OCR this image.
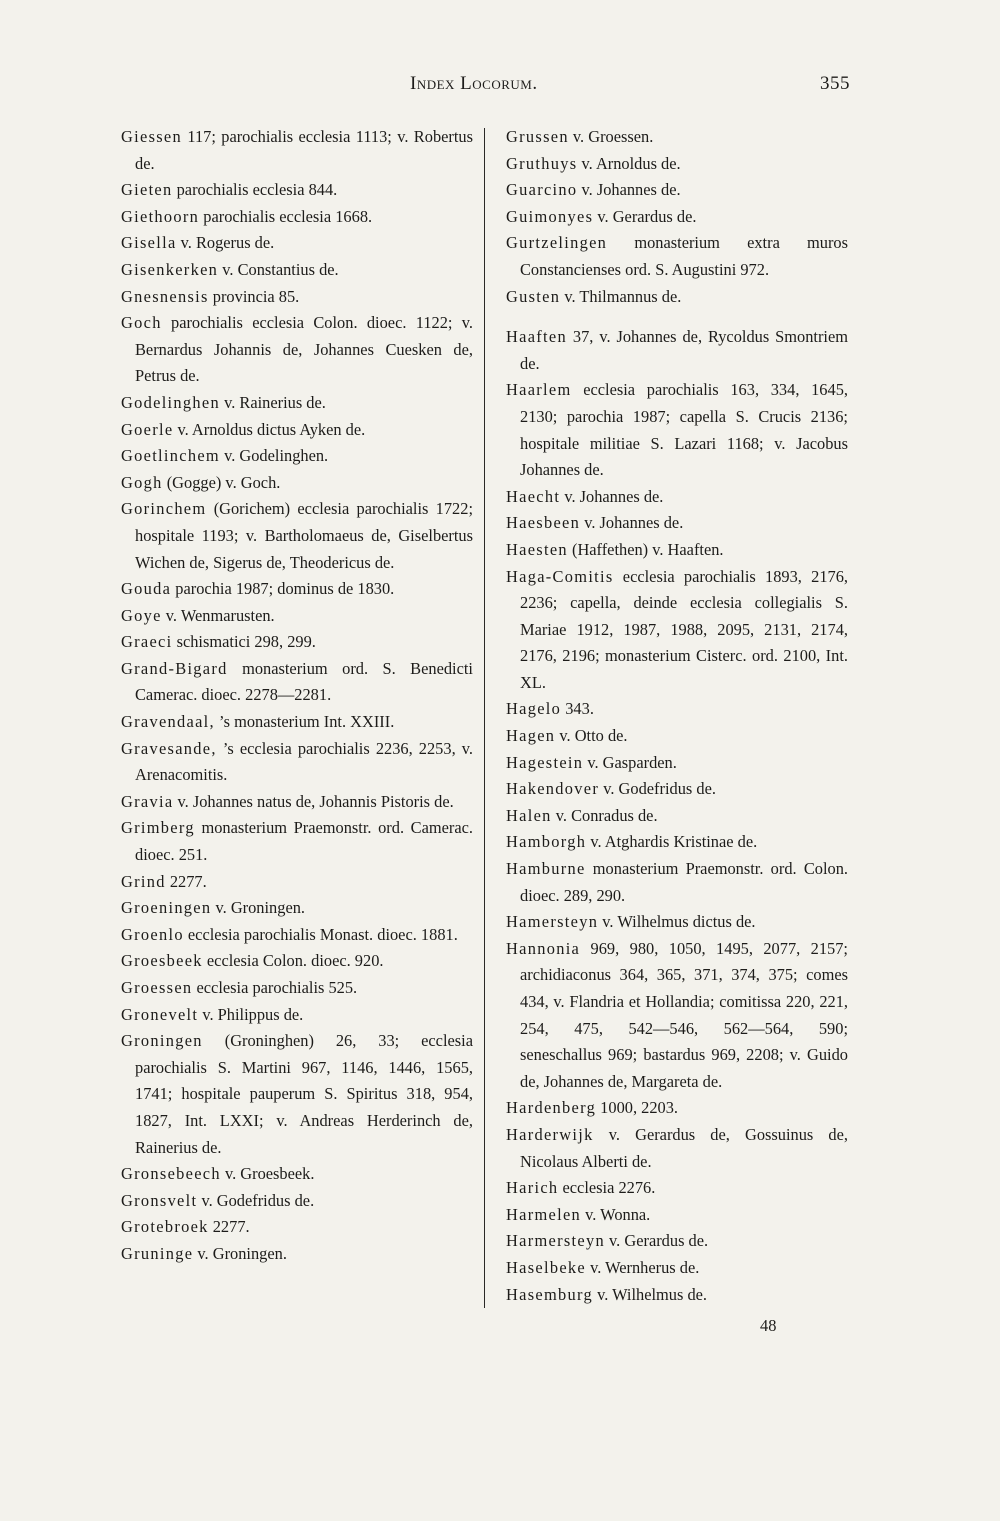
Index Locorum.	355
Giessen 117; parochialis ecclesia 1113; v. Robertus de.
Gieten parochialis ecclesia 844.
Giethoorn parochialis ecclesia 1668.
Gisella v. Rogerus de.
Gisenkerken v. Constantius de.
Gnesnensis provincia 85.
Goch parochialis ecclesia Colon. dioec. 1122; v. Bernardus Johannis de, Johannes Cuesken de, Petrus de.
Godelinghen v. Rainerius de.
Goerle v. Arnoldus dictus Ayken de.
Goetlinchem v. Godelinghen.
Gogh (Gogge) v. Goch.
Gorinchem (Gorichem) ecclesia parochialis 1722; hospitale 1193; v. Bartholomaeus de, Giselbertus Wichen de, Sigerus de, Theodericus de.
Gouda parochia 1987; dominus de 1830.
Goye v. Wenmarusten.
Graeci schismatici 298, 299.
Grand-Bigard monasterium ord. S. Benedicti Camerac. dioec. 2278—2281.
Gravendaal, ’s monasterium Int. XXIII.
Gravesande, ’s ecclesia parochialis 2236, 2253, v. Arenacomitis.
Gravia v. Johannes natus de, Johannis Pistoris de.
Grimberg monasterium Praemonstr. ord. Camerac. dioec. 251.
Grind 2277.
Groeningen v. Groningen.
Groenlo ecclesia parochialis Monast. dioec. 1881.
Groesbeek ecclesia Colon. dioec. 920.
Groessen ecclesia parochialis 525.
Gronevelt v. Philippus de.
Groningen (Groninghen) 26, 33; ecclesia parochialis S. Martini 967, 1146, 1446, 1565, 1741; hospitale pauperum S. Spiritus 318, 954, 1827, Int. LXXI; v. Andreas Herderinch de, Rainerius de.
Gronsebeech v. Groesbeek.
Gronsvelt v. Godefridus de.
Grotebroek 2277.
Gruninge v. Groningen.
Grussen v. Groessen.
Gruthuys v. Arnoldus de.
Guarcino v. Johannes de.
Guimonyes v. Gerardus de.
Gurtzelingen monasterium extra muros Constancienses ord. S. Augustini 972.
Gusten v. Thilmannus de.
Haaften 37, v. Johannes de, Rycoldus Smontriem de.
Haarlem ecclesia parochialis 163, 334, 1645, 2130; parochia 1987; capella S. Crucis 2136; hospitale militiae S. Lazari 1168; v. Jacobus Johannes de.
Haecht v. Johannes de.
Haesbeen v. Johannes de.
Haesten (Haffethen) v. Haaften.
Haga-Comitis ecclesia parochialis 1893, 2176, 2236; capella, deinde ecclesia collegialis S. Mariae 1912, 1987, 1988, 2095, 2131, 2174, 2176, 2196; monasterium Cisterc. ord. 2100, Int. XL.
Hagelo 343.
Hagen v. Otto de.
Hagestein v. Gasparden.
Hakendover v. Godefridus de.
Halen v. Conradus de.
Hamborgh v. Atghardis Kristinae de.
Hamburne monasterium Praemonstr. ord. Colon. dioec. 289, 290.
Hamersteyn v. Wilhelmus dictus de.
Hannonia 969, 980, 1050, 1495, 2077, 2157; archidiaconus 364, 365, 371, 374, 375; comes 434, v. Flandria et Hollandia; comitissa 220, 221, 254, 475, 542—546, 562—564, 590; seneschallus 969; bastardus 969, 2208; v. Guido de, Johannes de, Margareta de.
Hardenberg 1000, 2203.
Harderwijk v. Gerardus de, Gossuinus de, Nicolaus Alberti de.
Harich ecclesia 2276.
Harmelen v. Wonna.
Harmersteyn v. Gerardus de.
Haselbeke v. Wernherus de.
Hasemburg v. Wilhelmus de.
48
